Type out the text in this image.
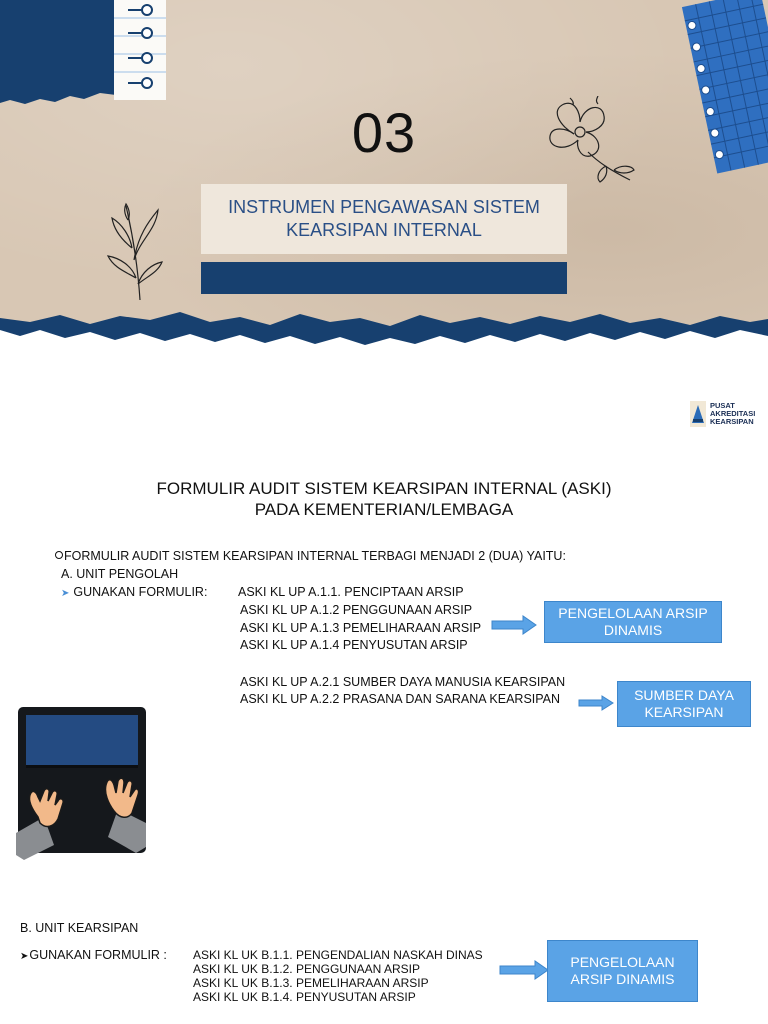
03
INSTRUMEN PENGAWASAN SISTEM KEARSIPAN INTERNAL
PUSAT
AKREDITASI
KEARSIPAN
FORMULIR AUDIT SISTEM KEARSIPAN INTERNAL (ASKI)
PADA KEMENTERIAN/LEMBAGA
FORMULIR AUDIT SISTEM KEARSIPAN INTERNAL TERBAGI MENJADI 2 (DUA) YAITU:
A. UNIT PENGOLAH
➤ GUNAKAN FORMULIR: ASKI KL UP A.1.1. PENCIPTAAN ARSIP
ASKI KL UP A.1.2 PENGGUNAAN ARSIP
ASKI KL UP A.1.3 PEMELIHARAAN ARSIP
ASKI KL UP A.1.4 PENYUSUTAN ARSIP
PENGELOLAAN ARSIP DINAMIS
ASKI KL UP A.2.1 SUMBER DAYA MANUSIA KEARSIPAN
ASKI KL UP A.2.2 PRASANA DAN SARANA KEARSIPAN	SUMBER DAYA KEARSIPAN
B. UNIT KEARSIPAN
➤GUNAKAN FORMULIR : ASKI KL UK B.1.1. PENGENDALIAN NASKAH DINAS
ASKI KL UK B.1.2. PENGGUNAAN ARSIP
ASKI KL UK B.1.3. PEMELIHARAAN ARSIP
ASKI KL UK B.1.4. PENYUSUTAN ARSIP
PENGELOLAAN ARSIP DINAMIS
